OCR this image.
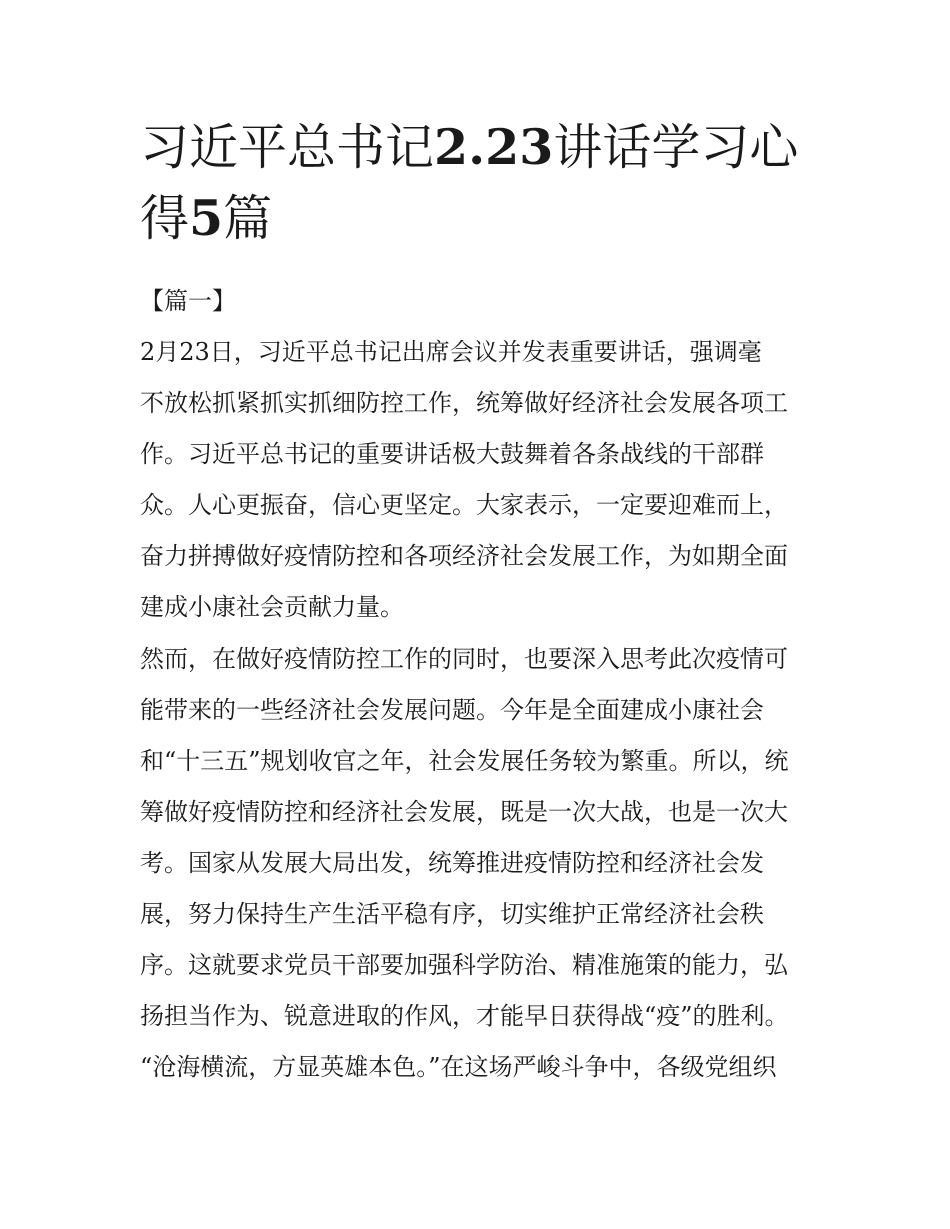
习近平总书记2.23讲话学习心
得5篇

【篇一】

2月23日，习近平总书记出席会议并发表重要讲话，强调毫
不放松抓紧抓实抓细防控工作，统筹做好经济社会发展各项工
作。习近平总书记的重要讲话极大鼓舞着各条战线的干部群
众。人心更振奋，信心更坚定。大家表示，一定要迎难而上，
奋力拼搏做好疫情防控和各项经济社会发展工作，为如期全面
建成小康社会贡献力量。

然而，在做好疫情防控工作的同时，也要深入思考此次疫情可
能带来的一些经济社会发展问题。今年是全面建成小康社会
和“十三五”规划收官之年，社会发展任务较为繁重。所以，统
筹做好疫情防控和经济社会发展，既是一次大战，也是一次大
考。国家从发展大局出发，统筹推进疫情防控和经济社会发
展，努力保持生产生活平稳有序，切实维护正常经济社会秩
序。这就要求党员干部要加强科学防治、精准施策的能力，弘
扬担当作为、锐意进取的作风，才能早日获得战“疫”的胜利。
“沧海横流，方显英雄本色。”在这场严峻斗争中，各级党组织
